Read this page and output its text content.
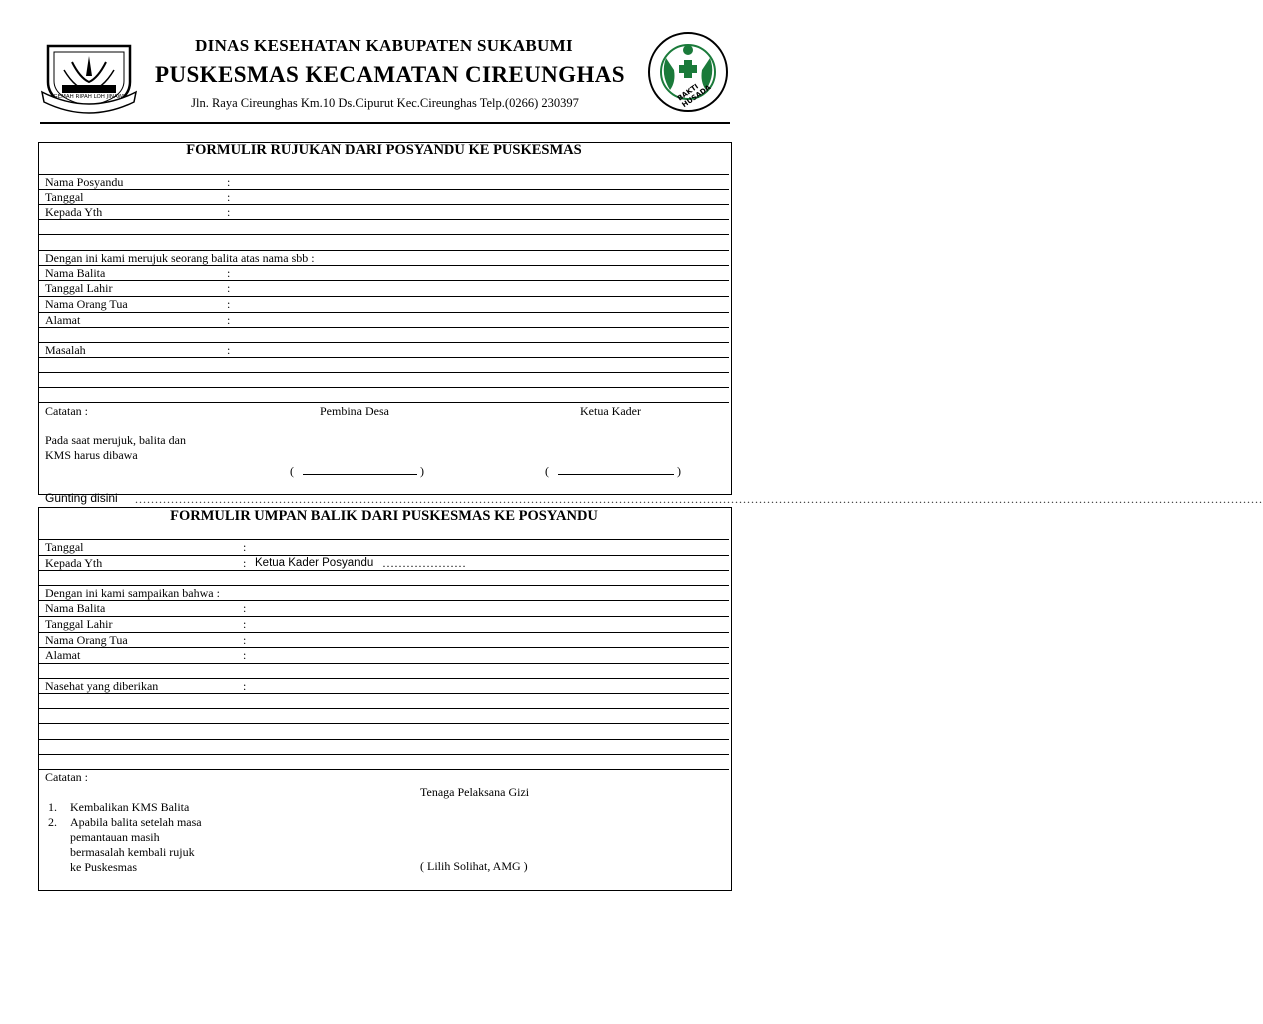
GEMAH RIPAH LOH JINAWI	BAKTI HUSADA
DINAS KESEHATAN KABUPATEN SUKABUMI
PUSKESMAS KECAMATAN CIREUNGHAS
Jln. Raya Cireunghas Km.10 Ds.Cipurut Kec.Cireunghas Telp.(0266) 230397
FORMULIR RUJUKAN DARI POSYANDU KE PUSKESMAS
Nama Posyandu	:
Tanggal	:
Kepada Yth	:
Dengan ini kami merujuk seorang balita atas nama sbb :
Nama Balita	:
Tanggal Lahir	:
Nama Orang Tua	:
Alamat	:
Masalah	:
Catatan :	Pembina Desa	Ketua Kader
Pada saat merujuk, balita dan
KMS harus dibawa
(	)	(	)
Gunting disini ..........................................................................................................................................................................................................................................................................................
FORMULIR UMPAN BALIK DARI PUSKESMAS KE POSYANDU
Tanggal	:
Kepada Yth	: Ketua Kader Posyandu …………………
Dengan ini kami sampaikan bahwa :
Nama Balita	:
Tanggal Lahir	:
Nama Orang Tua	:
Alamat	:
Nasehat yang diberikan	:
Catatan :
Tenaga Pelaksana Gizi
1. Kembalikan KMS Balita
2. Apabila balita setelah masa
pemantauan masih
bermasalah kembali rujuk
ke Puskesmas	( Lilih Solihat, AMG )
